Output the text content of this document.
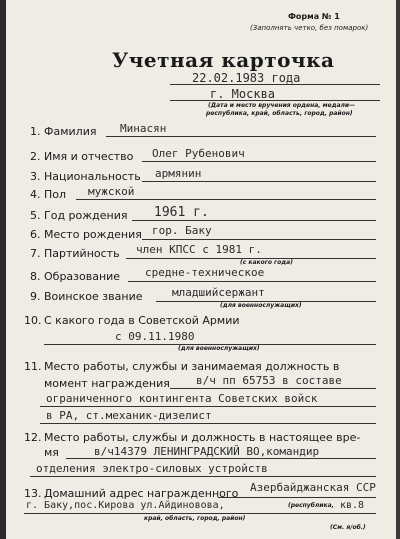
Форма № 1
(Заполнять четко, без помарок)
Учетная карточка
22.02.1983 года
г. Москва
(Дата и место вручения ордена, медали—
республика, край, область, город, район)
1. Фамилия Минасян
2. Имя и отчество Олег Рубенович
3. Национальность армянин
4. Пол мужской
5. Год рождения 1961 г.
6. Место рождения гор. Баку
7. Партийность член КПСС с 1981 г.
(с какого года)
8. Образование средне-техническое
9. Воинское звание	младшийсержант
(для военнослужащих)
10. С какого года в Советской Армии
с 09.11.1980
(для военнослужащих)
11. Место работы, службы и занимаемая должность в
момент награждения в/ч пп 65753 в составе
ограниченного контингента Советских войск
в РА, ст.механик-дизелист
12. Место работы, службы и должность в настоящее вре-
мя	в/ч14379 ЛЕНИНГРАДСКИЙ ВО,командир
отделения электро-силовых устройств
13. Домашний адрес награжденного Азербайджанская ССР
г. Баку,пос.Кирова ул.Айдиновова,	(республика, кв.8
край, область, город, район)
(См. я/об.)
